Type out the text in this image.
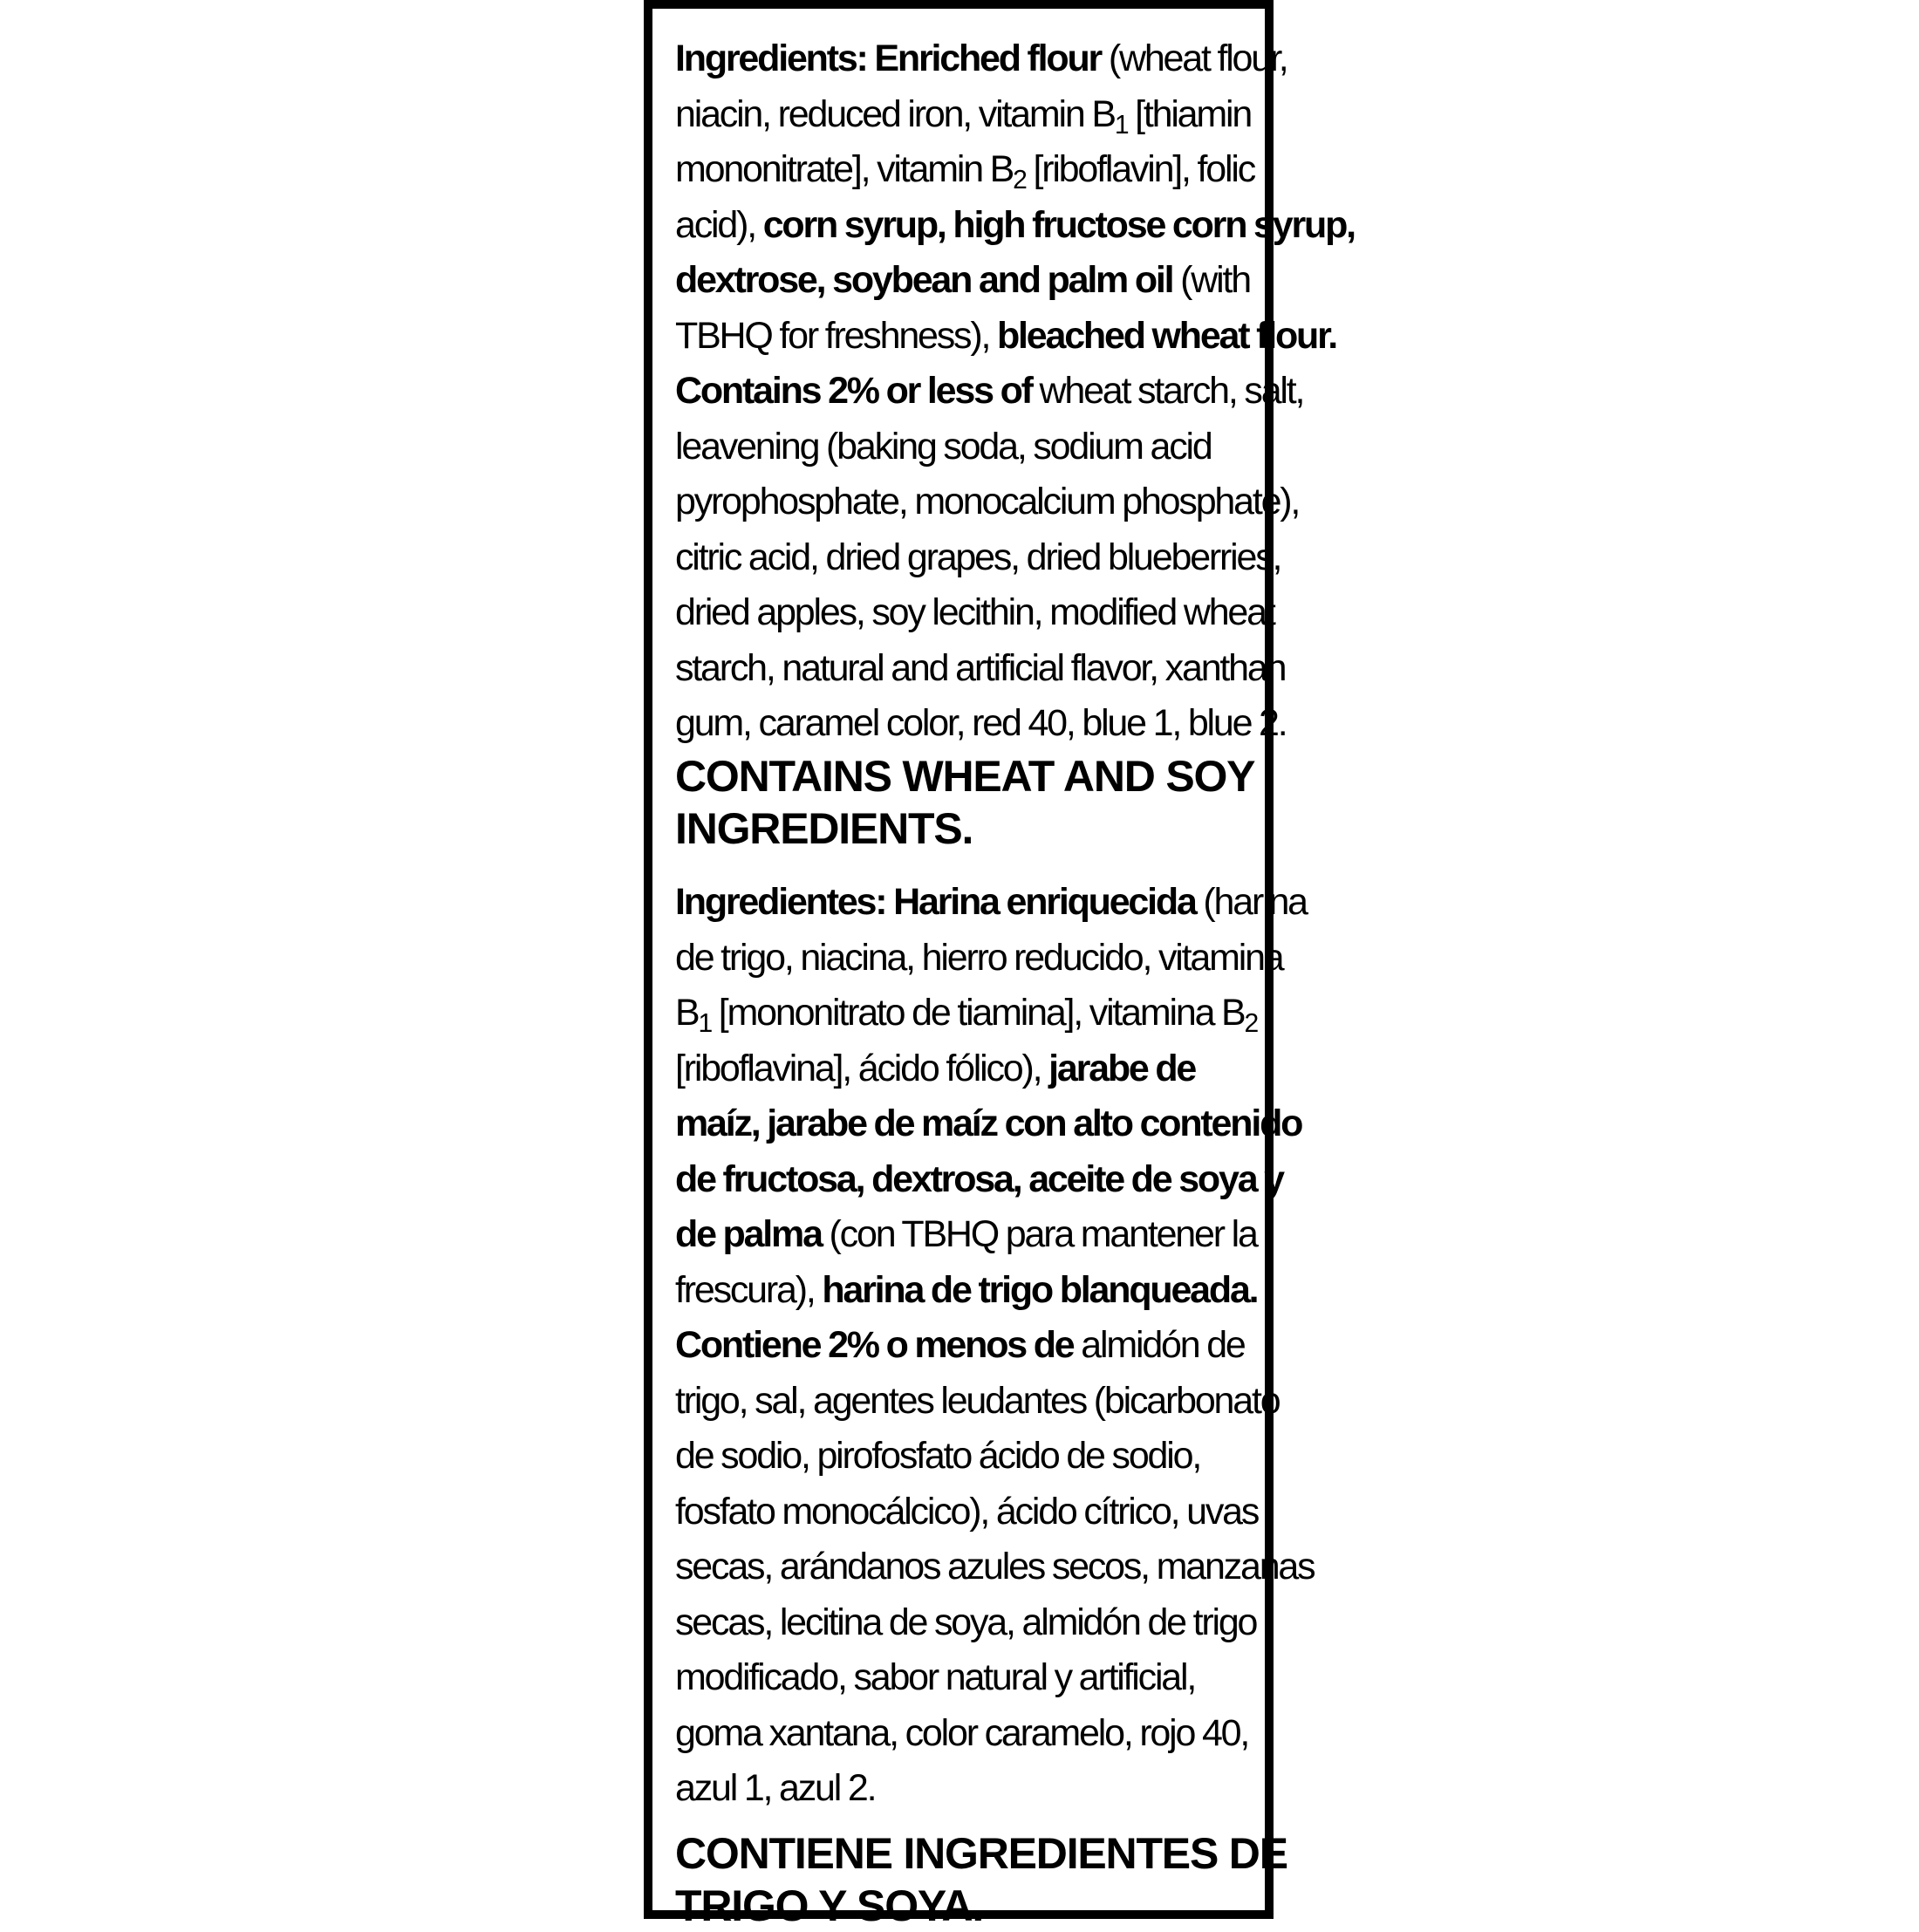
Ingredients: Enriched flour (wheat flour,
niacin, reduced iron, vitamin $B_1$ [thiamin
mononitrate], vitamin $B_2$ [riboflavin], folic
acid), corn syrup, high fructose corn syrup,
dextrose, soybean and palm oil (with
TBHQ for freshness), bleached wheat flour.
Contains 2% or less of wheat starch, salt,
leavening (baking soda, sodium acid
pyrophosphate, monocalcium phosphate),
citric acid, dried grapes, dried blueberries,
dried apples, soy lecithin, modified wheat
starch, natural and artificial flavor, xanthan
gum, caramel color, red 40, blue 1, blue 2.
CONTAINS WHEAT AND SOY
INGREDIENTS.
Ingredientes: Harina enriquecida (harina
de trigo, niacina, hierro reducido, vitamina
$B_1$ [mononitrato de tiamina], vitamina $B_2$
[riboflavina], ácido fólico), jarabe de
maíz, jarabe de maíz con alto contenido
de fructosa, dextrosa, aceite de soya y
de palma (con TBHQ para mantener la
frescura), harina de trigo blanqueada.
Contiene 2% o menos de almidón de
trigo, sal, agentes leudantes (bicarbonato
de sodio, pirofosfato ácido de sodio,
fosfato monocálcico), ácido cítrico, uvas
secas, arándanos azules secos, manzanas
secas, lecitina de soya, almidón de trigo
modificado, sabor natural y artificial,
goma xantana, color caramelo, rojo 40,
azul 1, azul 2.
CONTIENE INGREDIENTES DE
TRIGO Y SOYA.
